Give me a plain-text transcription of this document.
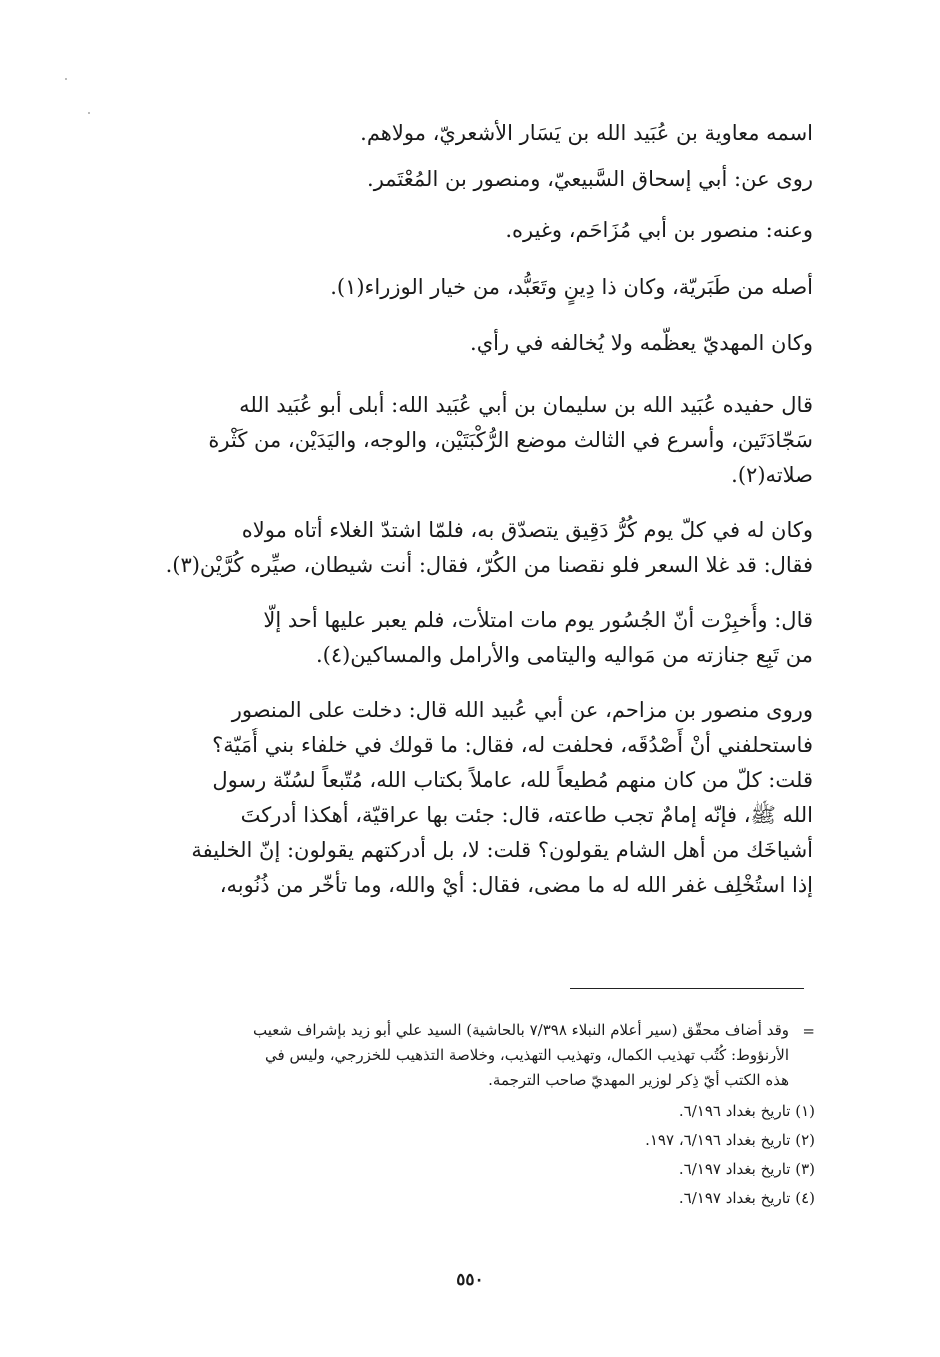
اسمه معاوية بن عُبَيد الله بن يَسَار الأشعريّ، مولاهم.
روى عن: أبي إسحاق السَّبيعيّ، ومنصور بن المُعْتَمر.
وعنه: منصور بن أبي مُزَاحَم، وغيره.
أصله من طَبَريّة، وكان ذا دِينٍ وتَعَبُّد، من خيار الوزراء(١).
وكان المهديّ يعظّمه ولا يُخالفه في رأي.
قال حفيده عُبَيد الله بن سليمان بن أبي عُبَيد الله: أبلى أبو عُبَيد الله
سَجّادَتَين، وأسرع في الثالث موضع الرُّكْبَتَيْن، والوجه، واليَدَيْن، من كَثْرة
صلاته(٢).
وكان له في كلّ يوم كُرُّ دَقِيق يتصدّق به، فلمّا اشتدّ الغلاء أتاه مولاه
فقال: قد غلا السعر فلو نقصنا من الكُرّ، فقال: أنت شيطان، صيِّره كُرَّيْن(٣).
قال: وأُخبِرْت أنّ الجُسُور يوم مات امتلأت، فلم يعبر عليها أحد إلّا
من تَبِع جنازته من مَواليه واليتامى والأرامل والمساكين(٤).
وروى منصور بن مزاحم، عن أبي عُبيد الله قال: دخلت على المنصور
فاستحلفني أنْ أَصْدُقَه، فحلفت له، فقال: ما قولك في خلفاء بني أُمَيّة؟
قلت: كلّ من كان منهم مُطيعاً لله، عاملاً بكتاب الله، مُتّبعاً لسُنّة رسول
الله ﷺ، فإنّه إمامٌ تجب طاعته، قال: جئت بها عراقيّة، أهكذا أدركتَ
أشياخَك من أهل الشام يقولون؟ قلت: لا، بل أدركتهم يقولون: إنّ الخليفة
إذا استُخْلِف غفر الله له ما مضى، فقال: أيْ والله، وما تأخّر من ذُنُوبه،
=
وقد أضاف محقّق (سير أعلام النبلاء ٧/٣٩٨ بالحاشية) السيد علي أبو زيد بإشراف شعيب
الأرنؤوط: كُتُب تهذيب الكمال، وتهذيب التهذيب، وخلاصة التذهيب للخزرجي، وليس في
هذه الكتب أيّ ذِكر لوزير المهديّ صاحب الترجمة.
(١) تاريخ بغداد ٦/١٩٦.
(٢) تاريخ بغداد ٦/١٩٦، ١٩٧.
(٣) تاريخ بغداد ٦/١٩٧.
(٤) تاريخ بغداد ٦/١٩٧.
٥٥٠
